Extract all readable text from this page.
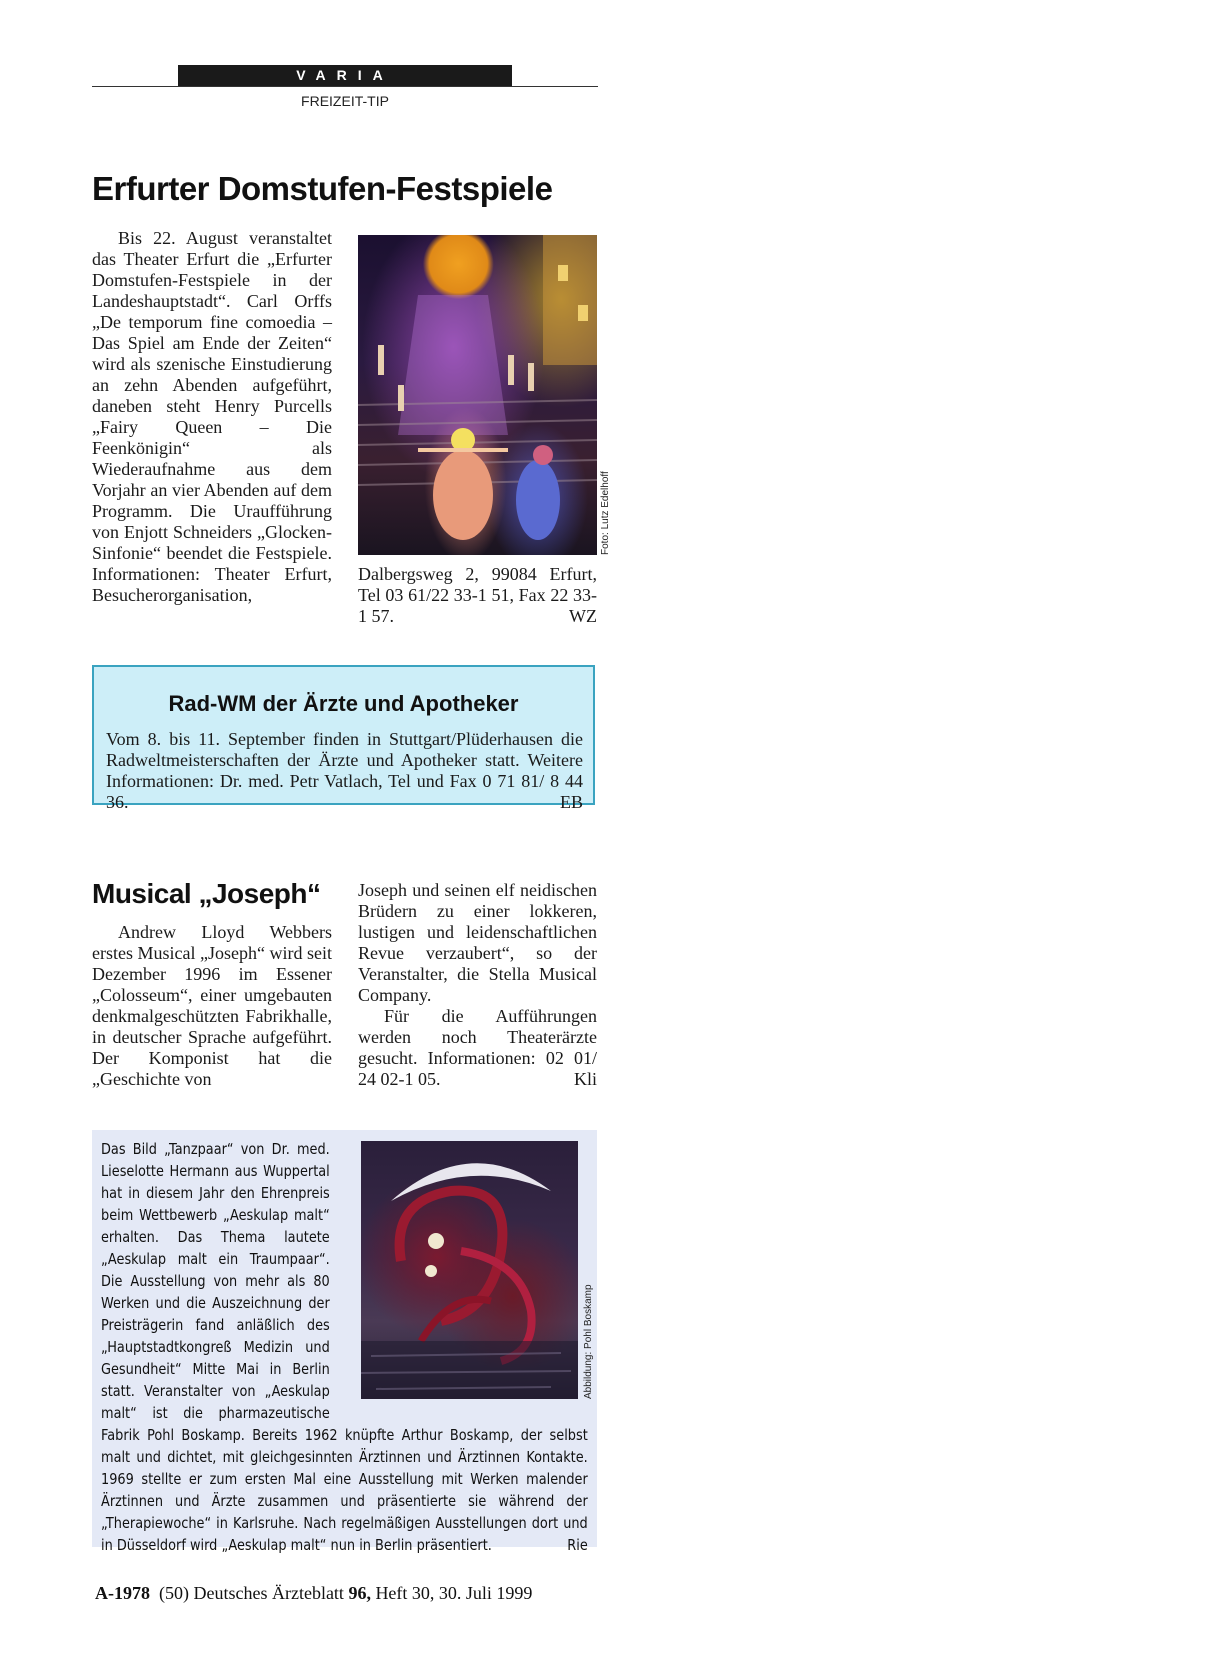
VARIA
FREIZEIT-TIP
Erfurter Domstufen-Festspiele

Bis 22. August veranstaltet das Theater Erfurt die „Erfurter Domstufen-Festspiele in der Landeshauptstadt“. Carl Orffs „De temporum fine comoedia – Das Spiel am Ende der Zeiten“ wird als szenische Einstudierung an zehn Abenden aufgeführt, daneben steht Henry Purcells „Fairy Queen – Die Feenkönigin“ als Wiederaufnahme aus dem Vorjahr an vier Abenden auf dem Programm. Die Uraufführung von Enjott Schneiders „Glocken-Sinfonie“ beendet die Festspiele. Informationen: Theater Erfurt, Besucherorganisation,

Foto: Lutz Edelhoff

Dalbergsweg 2, 99084 Erfurt, Tel 03 61/22 33-1 51, Fax 22 33-1 57.	WZ

Rad-WM der Ärzte und Apotheker
Vom 8. bis 11. September finden in Stuttgart/Plüderhausen die Radweltmeisterschaften der Ärzte und Apotheker statt. Weitere Informationen: Dr. med. Petr Vatlach, Tel und Fax 0 71 81/ 8 44 36.	EB
Musical „Joseph“

Andrew Lloyd Webbers erstes Musical „Joseph“ wird seit Dezember 1996 im Essener „Colosseum“, einer umgebauten denkmalgeschützten Fabrikhalle, in deutscher Sprache aufgeführt. Der Komponist hat die „Geschichte von

Joseph und seinen elf neidischen Brüdern zu einer lokkeren, lustigen und leidenschaftlichen Revue verzaubert“, so der Veranstalter, die Stella Musical Company.

Für die Aufführungen werden noch Theaterärzte gesucht. Informationen: 02 01/ 24 02-1 05.	Kli

Das Bild „Tanzpaar“ von Dr. med. Lieselotte Hermann aus Wuppertal hat in diesem Jahr den Ehrenpreis beim Wettbewerb „Aeskulap malt“ erhalten. Das Thema lautete „Aeskulap malt ein Traumpaar“. Die Ausstellung von mehr als 80 Werken und die Auszeichnung der Preisträgerin fand anläßlich des „Hauptstadtkongreß Medizin und Gesundheit“ Mitte Mai in Berlin statt. Veranstalter von „Aeskulap malt“ ist die pharmazeutische Fabrik Pohl Boskamp. Bereits 1962 knüpfte Arthur Boskamp, der selbst malt und dichtet, mit gleichgesinnten Ärztinnen und Ärztinnen Kontakte. 1969 stellte er zum ersten Mal eine Ausstellung mit Werken malender Ärztinnen und Ärzte zusammen und präsentierte sie während der „Therapiewoche“ in Karlsruhe. Nach regelmäßigen Ausstellungen dort und in Düsseldorf wird „Aeskulap malt“ nun in Berlin präsentiert.	Rie
Abbildung: Pohl Boskamp
A-1978 (50) Deutsches Ärzteblatt 96, Heft 30, 30. Juli 1999
